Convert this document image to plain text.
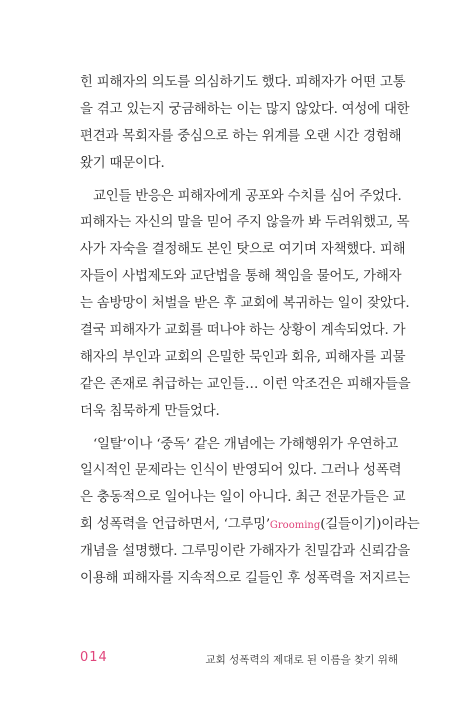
힌 피해자의 의도를 의심하기도 했다. 피해자가 어떤 고통
을 겪고 있는지 궁금해하는 이는 많지 않았다. 여성에 대한
편견과 목회자를 중심으로 하는 위계를 오랜 시간 경험해
왔기 때문이다.
교인들 반응은 피해자에게 공포와 수치를 심어 주었다.
피해자는 자신의 말을 믿어 주지 않을까 봐 두려워했고, 목
사가 자숙을 결정해도 본인 탓으로 여기며 자책했다. 피해
자들이 사법제도와 교단법을 통해 책임을 물어도, 가해자
는 솜방망이 처벌을 받은 후 교회에 복귀하는 일이 잦았다.
결국 피해자가 교회를 떠나야 하는 상황이 계속되었다. 가
해자의 부인과 교회의 은밀한 묵인과 회유, 피해자를 괴물
같은 존재로 취급하는 교인들… 이런 악조건은 피해자들을
더욱 침묵하게 만들었다.
‘일탈’이나 ‘중독’ 같은 개념에는 가해행위가 우연하고
일시적인 문제라는 인식이 반영되어 있다. 그러나 성폭력
은 충동적으로 일어나는 일이 아니다. 최근 전문가들은 교
회 성폭력을 언급하면서, ‘그루밍’Grooming(길들이기)이라는
개념을 설명했다. 그루밍이란 가해자가 친밀감과 신뢰감을
이용해 피해자를 지속적으로 길들인 후 성폭력을 저지르는
014	교회 성폭력의 제대로 된 이름을 찾기 위해
